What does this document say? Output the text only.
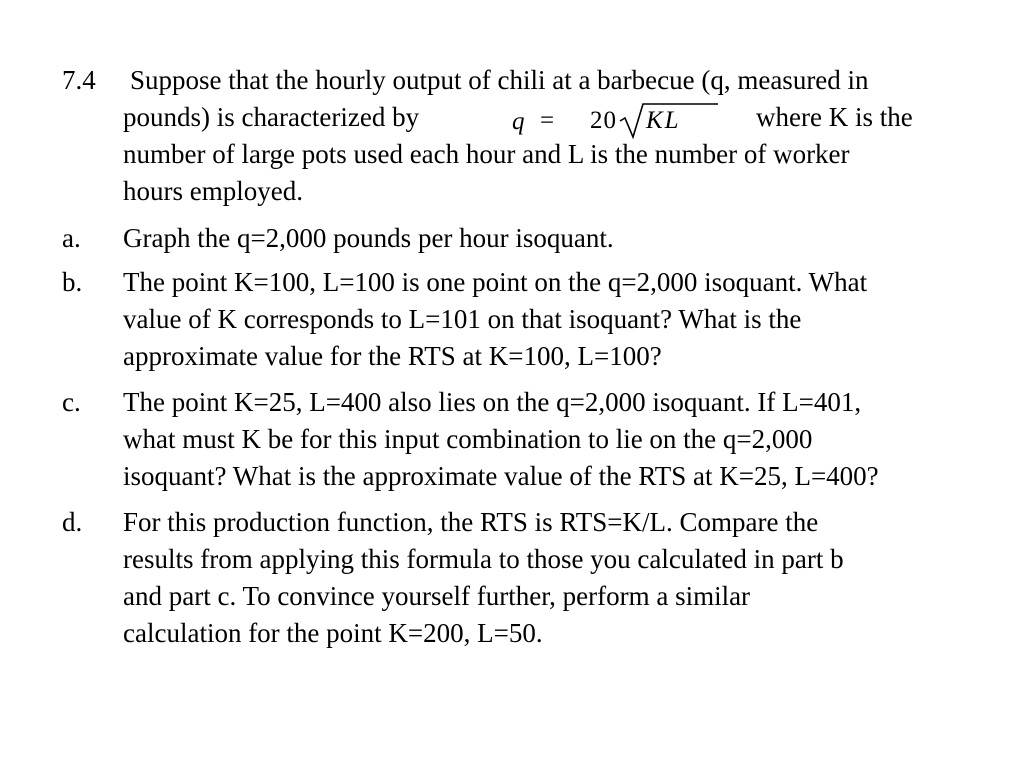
7.4 Suppose that the hourly output of chili at a barbecue (q, measured in
pounds) is characterized by
number of large pots used each hour and L is the number of worker
hours employed.
q = 20 KL	where K is the
a. Graph the q=2,000 pounds per hour isoquant.
b. The point K=100, L=100 is one point on the q=2,000 isoquant. What
value of K corresponds to L=101 on that isoquant? What is the
approximate value for the RTS at K=100, L=100?
c. The point K=25, L=400 also lies on the q=2,000 isoquant. If L=401,
what must K be for this input combination to lie on the q=2,000
isoquant? What is the approximate value of the RTS at K=25, L=400?
d. For this production function, the RTS is RTS=K/L. Compare the
results from applying this formula to those you calculated in part b
and part c. To convince yourself further, perform a similar
calculation for the point K=200, L=50.
